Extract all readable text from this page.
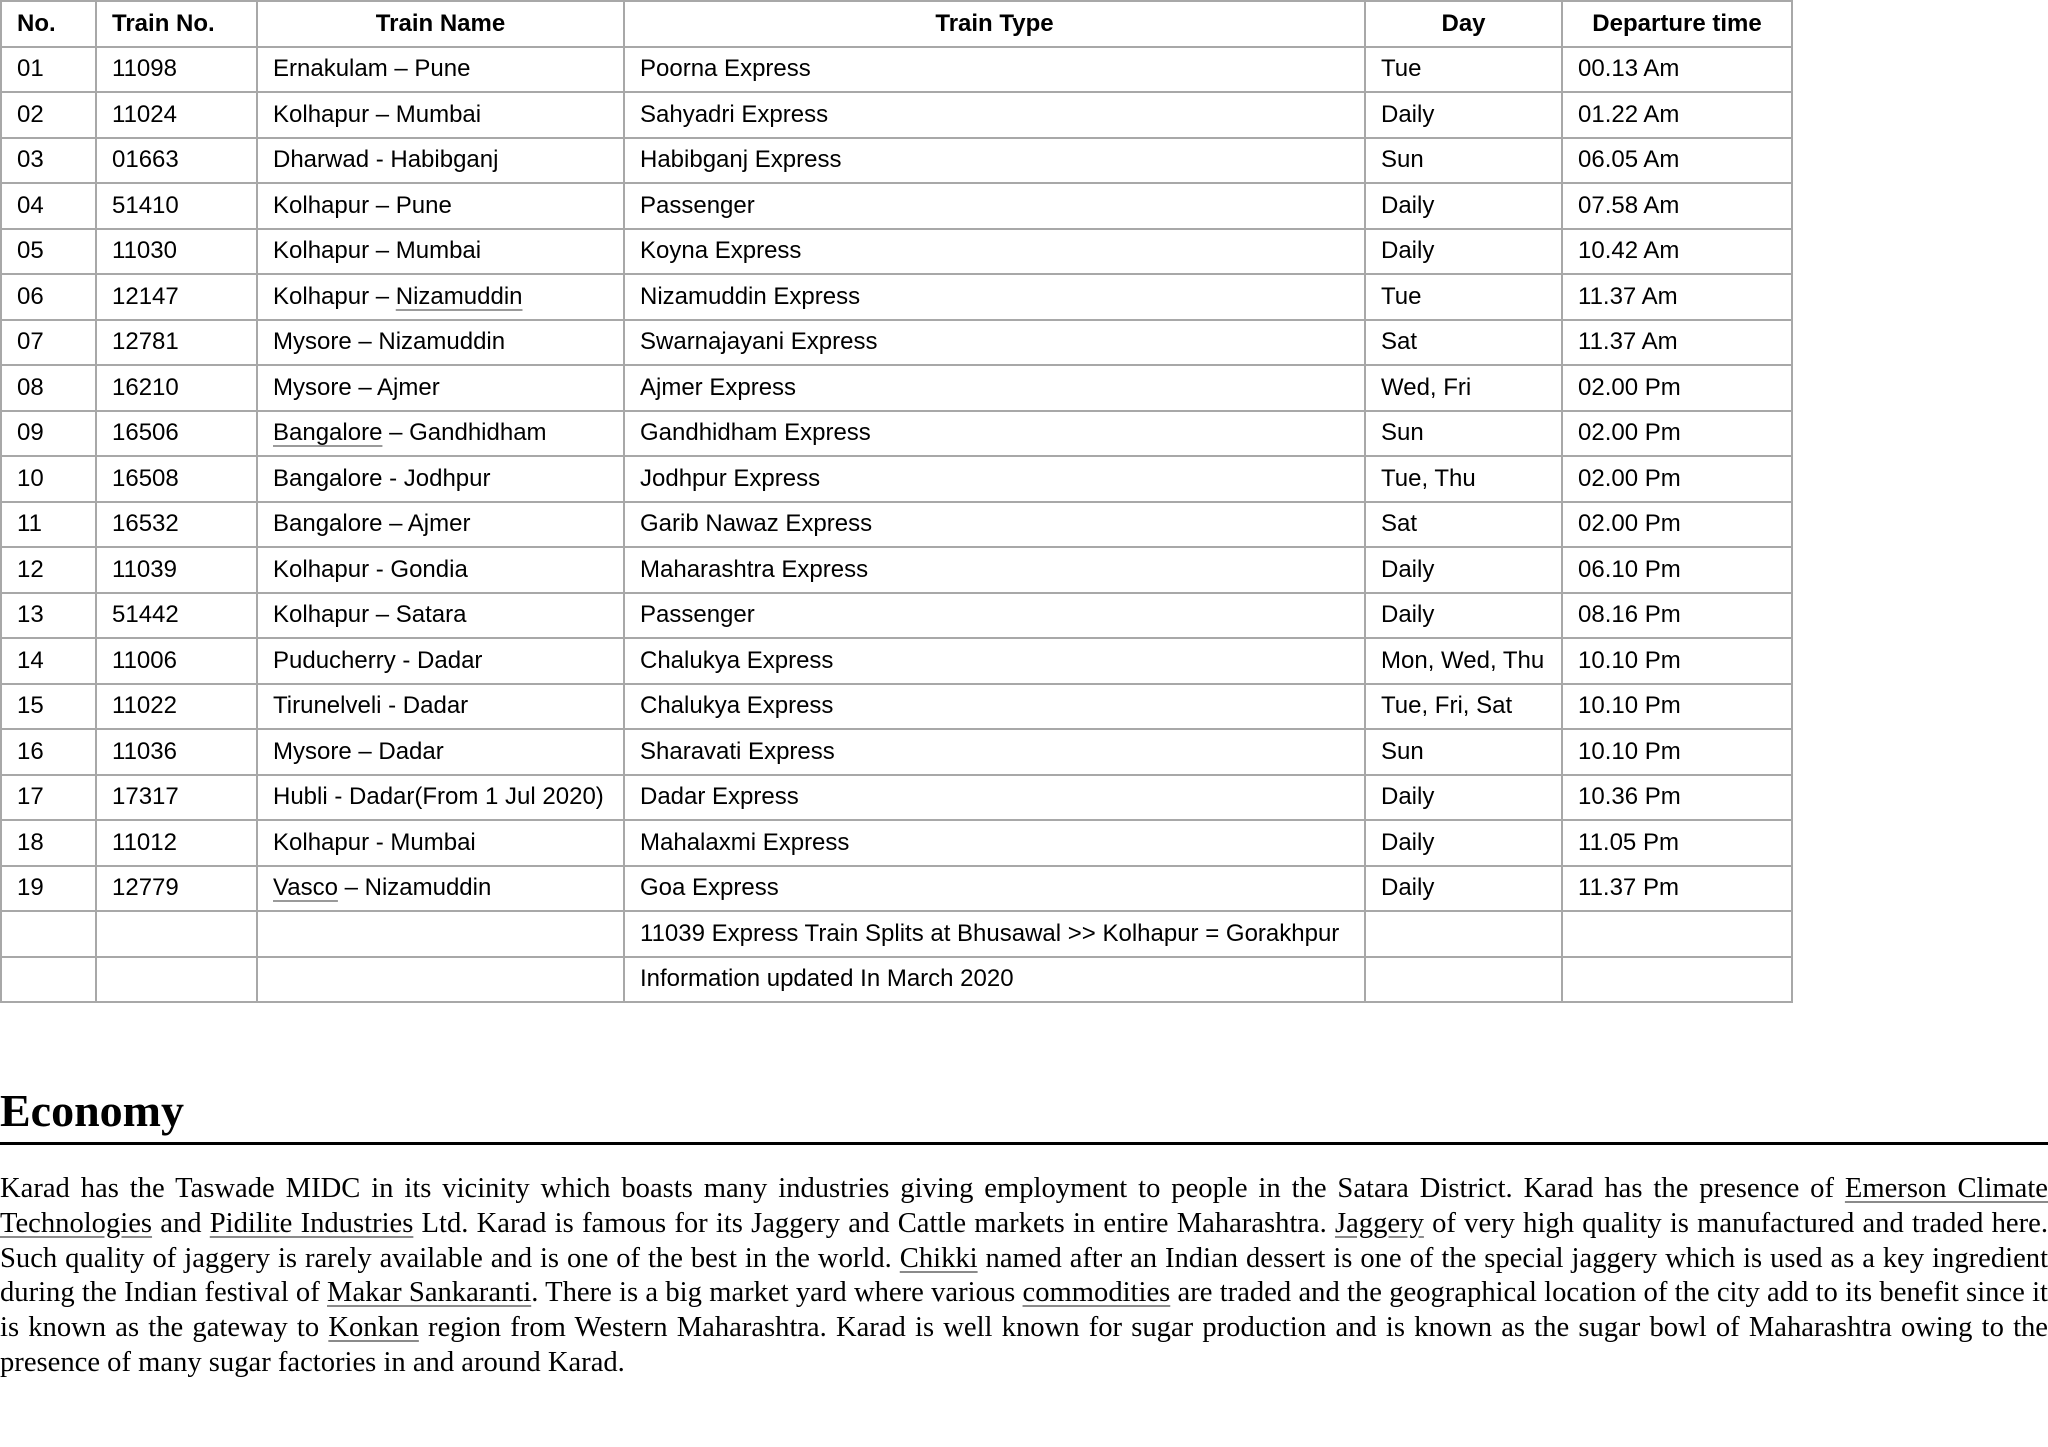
No.	Train No.	Train Name	Train Type	Day	Departure time
01	11098	Ernakulam – Pune	Poorna Express	Tue	00.13 Am
02	11024	Kolhapur – Mumbai	Sahyadri Express	Daily	01.22 Am
03	01663	Dharwad - Habibganj	Habibganj Express	Sun	06.05 Am
04	51410	Kolhapur – Pune	Passenger	Daily	07.58 Am
05	11030	Kolhapur – Mumbai	Koyna Express	Daily	10.42 Am
06	12147	Kolhapur – Nizamuddin	Nizamuddin Express	Tue	11.37 Am
07	12781	Mysore – Nizamuddin	Swarnajayani Express	Sat	11.37 Am
08	16210	Mysore – Ajmer	Ajmer Express	Wed, Fri	02.00 Pm
09	16506	Bangalore – Gandhidham	Gandhidham Express	Sun	02.00 Pm
10	16508	Bangalore - Jodhpur	Jodhpur Express	Tue, Thu	02.00 Pm
11	16532	Bangalore – Ajmer	Garib Nawaz Express	Sat	02.00 Pm
12	11039	Kolhapur - Gondia	Maharashtra Express	Daily	06.10 Pm
13	51442	Kolhapur – Satara	Passenger	Daily	08.16 Pm
14	11006	Puducherry - Dadar	Chalukya Express	Mon, Wed, Thu	10.10 Pm
15	11022	Tirunelveli - Dadar	Chalukya Express	Tue, Fri, Sat	10.10 Pm
16	11036	Mysore – Dadar	Sharavati Express	Sun	10.10 Pm
17	17317	Hubli - Dadar(From 1 Jul 2020)	Dadar Express	Daily	10.36 Pm
18	11012	Kolhapur - Mumbai	Mahalaxmi Express	Daily	11.05 Pm
19	12779	Vasco – Nizamuddin	Goa Express	Daily	11.37 Pm
			11039 Express Train Splits at Bhusawal >> Kolhapur = Gorakhpur		
			Information updated In March 2020		
Economy

Karad has the Taswade MIDC in its vicinity which boasts many industries giving employment to people in the Satara District. Karad has the presence of Emerson Climate Technologies and Pidilite Industries Ltd. Karad is famous for its Jaggery and Cattle markets in entire Maharashtra. Jaggery of very high quality is manufactured and traded here. Such quality of jaggery is rarely available and is one of the best in the world. Chikki named after an Indian dessert is one of the special jaggery which is used as a key ingredient during the Indian festival of Makar Sankaranti. There is a big market yard where various commodities are traded and the geographical location of the city add to its benefit since it is known as the gateway to Konkan region from Western Maharashtra. Karad is well known for sugar production and is known as the sugar bowl of Maharashtra owing to the presence of many sugar factories in and around Karad.
